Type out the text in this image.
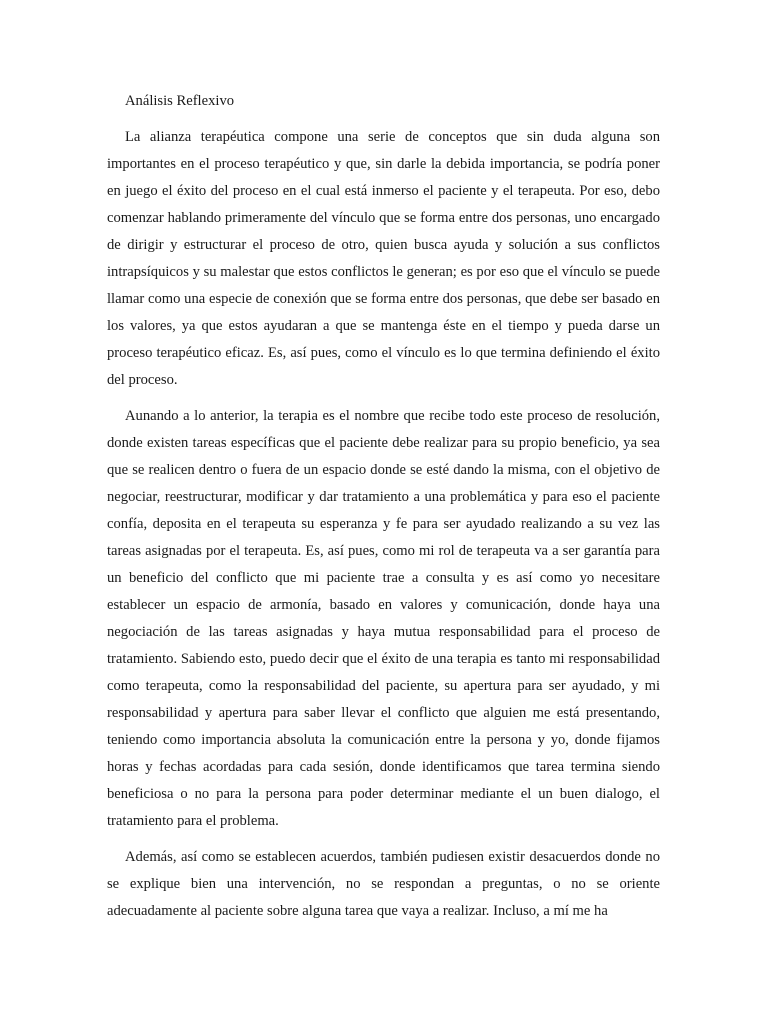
Análisis Reflexivo

La alianza terapéutica compone una serie de conceptos que sin duda alguna son importantes en el proceso terapéutico y que, sin darle la debida importancia, se podría poner en juego el éxito del proceso en el cual está inmerso el paciente y el terapeuta. Por eso, debo comenzar hablando primeramente del vínculo que se forma entre dos personas, uno encargado de dirigir y estructurar el proceso de otro, quien busca ayuda y solución a sus conflictos intrapsíquicos y su malestar que estos conflictos le generan; es por eso que el vínculo se puede llamar como una especie de conexión que se forma entre dos personas, que debe ser basado en los valores, ya que estos ayudaran a que se mantenga éste en el tiempo y pueda darse un proceso terapéutico eficaz. Es, así pues, como el vínculo es lo que termina definiendo el éxito del proceso.

Aunando a lo anterior, la terapia es el nombre que recibe todo este proceso de resolución, donde existen tareas específicas que el paciente debe realizar para su propio beneficio, ya sea que se realicen dentro o fuera de un espacio donde se esté dando la misma, con el objetivo de negociar, reestructurar, modificar y dar tratamiento a una problemática y para eso el paciente confía, deposita en el terapeuta su esperanza y fe para ser ayudado realizando a su vez las tareas asignadas por el terapeuta. Es, así pues, como mi rol de terapeuta va a ser garantía para un beneficio del conflicto que mi paciente trae a consulta y es así como yo necesitare establecer un espacio de armonía, basado en valores y comunicación, donde haya una negociación de las tareas asignadas y haya mutua responsabilidad para el proceso de tratamiento. Sabiendo esto, puedo decir que el éxito de una terapia es tanto mi responsabilidad como terapeuta, como la responsabilidad del paciente, su apertura para ser ayudado, y mi responsabilidad y apertura para saber llevar el conflicto que alguien me está presentando, teniendo como importancia absoluta la comunicación entre la persona y yo, donde fijamos horas y fechas acordadas para cada sesión, donde identificamos que tarea termina siendo beneficiosa o no para la persona para poder determinar mediante el un buen dialogo, el tratamiento para el problema.

Además, así como se establecen acuerdos, también pudiesen existir desacuerdos donde no se explique bien una intervención, no se respondan a preguntas, o no se oriente adecuadamente al paciente sobre alguna tarea que vaya a realizar. Incluso, a mí me ha
